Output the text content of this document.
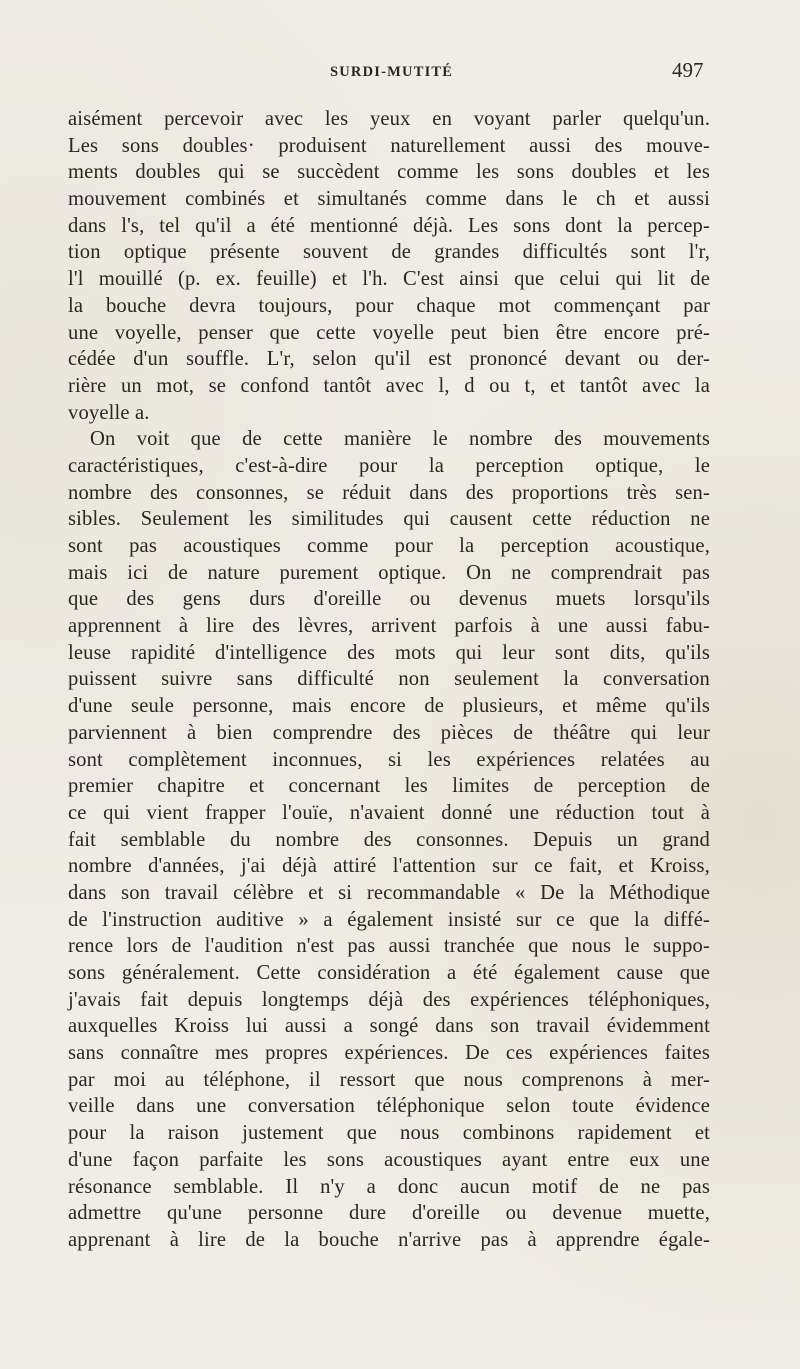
SURDI-MUTITÉ	497
aisément percevoir avec les yeux en voyant parler quelqu'un.
Les sons doubles· produisent naturellement aussi des mouve-
ments doubles qui se succèdent comme les sons doubles et les
mouvement combinés et simultanés comme dans le ch et aussi
dans l's, tel qu'il a été mentionné déjà. Les sons dont la percep-
tion optique présente souvent de grandes difficultés sont l'r,
l'l mouillé (p. ex. feuille) et l'h. C'est ainsi que celui qui lit de
la bouche devra toujours, pour chaque mot commençant par
une voyelle, penser que cette voyelle peut bien être encore pré-
cédée d'un souffle. L'r, selon qu'il est prononcé devant ou der-
rière un mot, se confond tantôt avec l, d ou t, et tantôt avec la
voyelle a.
On voit que de cette manière le nombre des mouvements
caractéristiques, c'est-à-dire pour la perception optique, le
nombre des consonnes, se réduit dans des proportions très sen-
sibles. Seulement les similitudes qui causent cette réduction ne
sont pas acoustiques comme pour la perception acoustique,
mais ici de nature purement optique. On ne comprendrait pas
que des gens durs d'oreille ou devenus muets lorsqu'ils
apprennent à lire des lèvres, arrivent parfois à une aussi fabu-
leuse rapidité d'intelligence des mots qui leur sont dits, qu'ils
puissent suivre sans difficulté non seulement la conversation
d'une seule personne, mais encore de plusieurs, et même qu'ils
parviennent à bien comprendre des pièces de théâtre qui leur
sont complètement inconnues, si les expériences relatées au
premier chapitre et concernant les limites de perception de
ce qui vient frapper l'ouïe, n'avaient donné une réduction tout à
fait semblable du nombre des consonnes. Depuis un grand
nombre d'années, j'ai déjà attiré l'attention sur ce fait, et Kroiss,
dans son travail célèbre et si recommandable « De la Méthodique
de l'instruction auditive » a également insisté sur ce que la diffé-
rence lors de l'audition n'est pas aussi tranchée que nous le suppo-
sons généralement. Cette considération a été également cause que
j'avais fait depuis longtemps déjà des expériences téléphoniques,
auxquelles Kroiss lui aussi a songé dans son travail évidemment
sans connaître mes propres expériences. De ces expériences faites
par moi au téléphone, il ressort que nous comprenons à mer-
veille dans une conversation téléphonique selon toute évidence
pour la raison justement que nous combinons rapidement et
d'une façon parfaite les sons acoustiques ayant entre eux une
résonance semblable. Il n'y a donc aucun motif de ne pas
admettre qu'une personne dure d'oreille ou devenue muette,
apprenant à lire de la bouche n'arrive pas à apprendre égale-
